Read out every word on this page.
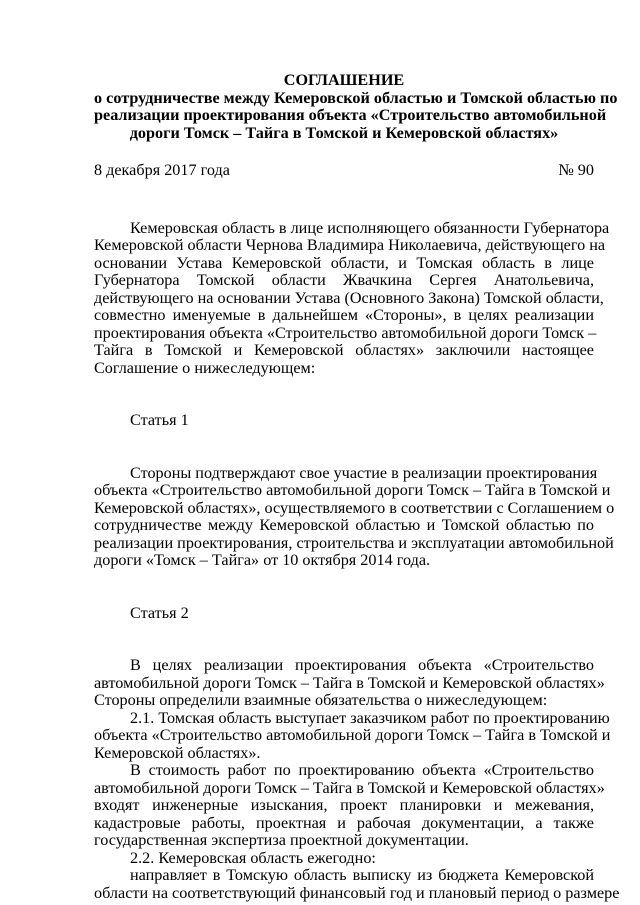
СОГЛАШЕНИЕ
о сотрудничестве между Кемеровской областью и Томской областью по
реализации проектирования объекта «Строительство автомобильной
дороги Томск – Тайга в Томской и Кемеровской областях»
8 декабря 2017 года	№ 90
Кемеровская область в лице исполняющего обязанности Губернатора
Кемеровской области Чернова Владимира Николаевича, действующего на
основании Устава Кемеровской области, и Томская область в лице
Губернатора Томской области Жвачкина Сергея Анатольевича,
действующего на основании Устава (Основного Закона) Томской области,
совместно именуемые в дальнейшем «Стороны», в целях реализации
проектирования объекта «Строительство автомобильной дороги Томск –
Тайга в Томской и Кемеровской областях» заключили настоящее
Соглашение о нижеследующем:
Статья 1
Стороны подтверждают свое участие в реализации проектирования
объекта «Строительство автомобильной дороги Томск – Тайга в Томской и
Кемеровской областях», осуществляемого в соответствии с Соглашением о
сотрудничестве между Кемеровской областью и Томской областью по
реализации проектирования, строительства и эксплуатации автомобильной
дороги «Томск – Тайга» от 10 октября 2014 года.
Статья 2
В целях реализации проектирования объекта «Строительство
автомобильной дороги Томск – Тайга в Томской и Кемеровской областях»
Стороны определили взаимные обязательства о нижеследующем:
2.1. Томская область выступает заказчиком работ по проектированию
объекта «Строительство автомобильной дороги Томск – Тайга в Томской и
Кемеровской областях».
В стоимость работ по проектированию объекта «Строительство
автомобильной дороги Томск – Тайга в Томской и Кемеровской областях»
входят инженерные изыскания, проект планировки и межевания,
кадастровые работы, проектная и рабочая документации, а также
государственная экспертиза проектной документации.
2.2. Кемеровская область ежегодно:
направляет в Томскую область выписку из бюджета Кемеровской
области на соответствующий финансовый год и плановый период о размере
